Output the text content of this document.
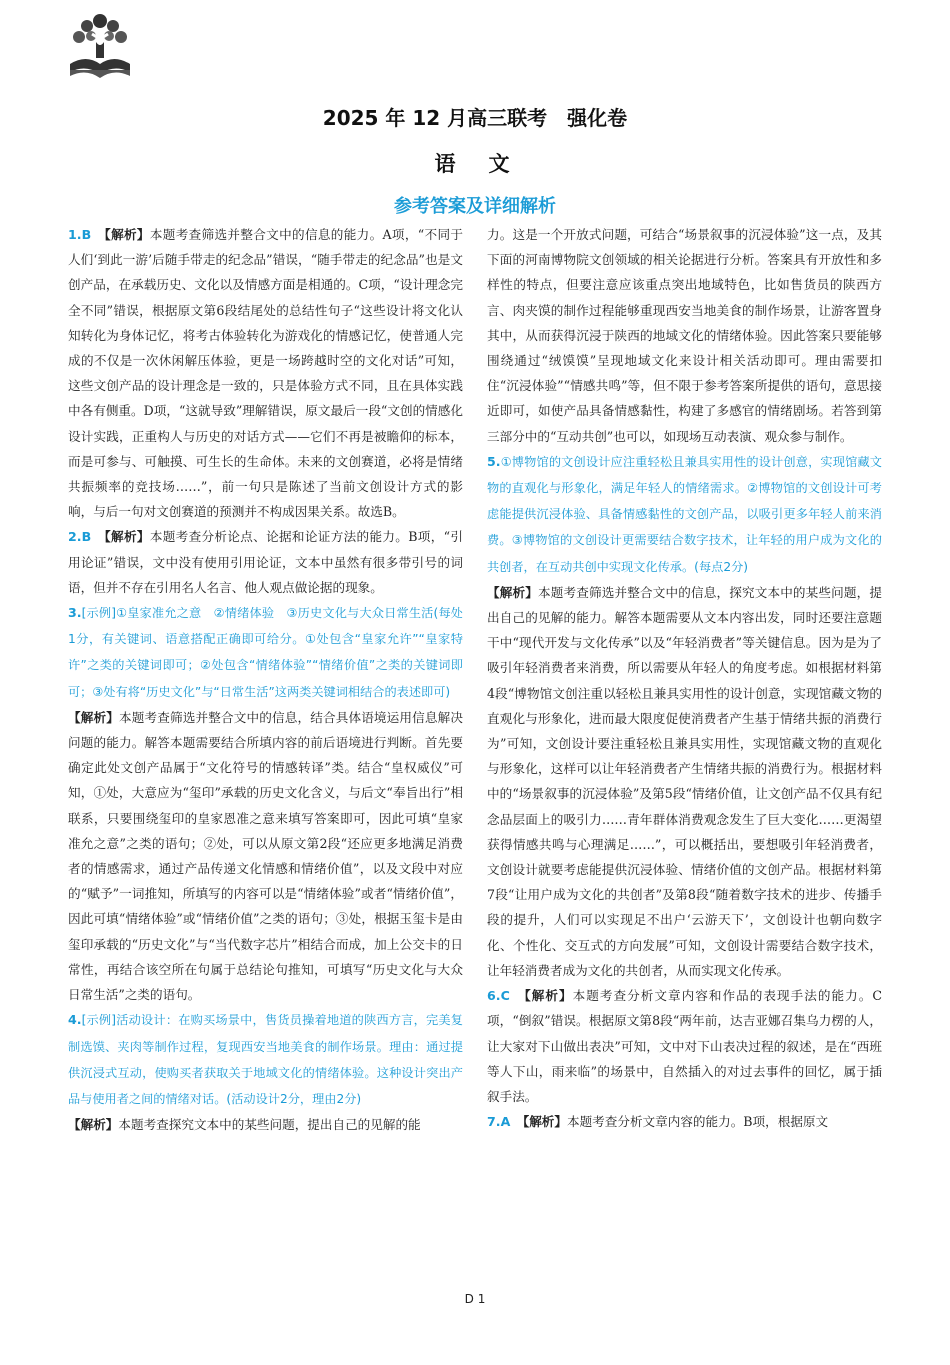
2025 年 12 月高三联考　强化卷
语　文
参考答案及详细解析

1.B　 【解析】本题考查筛选并整合文中的信息的能力。A项，“不同于人们‘到此一游’后随手带走的纪念品”错误，“随手带走的纪念品”也是文创产品，在承载历史、文化以及情感方面是相通的。C项，“设计理念完全不同”错误，根据原文第6段结尾处的总结性句子“这些设计将文化认知转化为身体记忆，将考古体验转化为游戏化的情感记忆，使普通人完成的不仅是一次休闲解压体验，更是一场跨越时空的文化对话”可知，这些文创产品的设计理念是一致的，只是体验方式不同，且在具体实践中各有侧重。D项，“这就导致”理解错误，原文最后一段“文创的情感化设计实践，正重构人与历史的对话方式——它们不再是被瞻仰的标本，而是可参与、可触摸、可生长的生命体。未来的文创赛道，必将是情绪共振频率的竞技场……”，前一句只是陈述了当前文创设计方式的影响，与后一句对文创赛道的预测并不构成因果关系。故选B。

2.B　 【解析】本题考查分析论点、论据和论证方法的能力。B项，“引用论证”错误，文中没有使用引用论证，文本中虽然有很多带引号的词语，但并不存在引用名人名言、他人观点做论据的现象。

3.[示例]①皇家准允之意　②情绪体验　③历史文化与大众日常生活(每处1分，有关键词、语意搭配正确即可给分。①处包含“皇家允许”“皇家特许”之类的关键词即可；②处包含“情绪体验”“情绪价值”之类的关键词即可；③处有将“历史文化”与“日常生活”这两类关键词相结合的表述即可)

【解析】本题考查筛选并整合文中的信息，结合具体语境运用信息解决问题的能力。解答本题需要结合所填内容的前后语境进行判断。首先要确定此处文创产品属于“文化符号的情感转译”类。结合“皇权威仪”可知，①处，大意应为“玺印”承载的历史文化含义，与后文“奉旨出行”相联系，只要围绕玺印的皇家恩准之意来填写答案即可，因此可填“皇家准允之意”之类的语句；②处，可以从原文第2段“还应更多地满足消费者的情感需求，通过产品传递文化情感和情绪价值”，以及文段中对应的“赋予”一词推知，所填写的内容可以是“情绪体验”或者“情绪价值”，因此可填“情绪体验”或“情绪价值”之类的语句；③处，根据玉玺卡是由玺印承载的“历史文化”与“当代数字芯片”相结合而成，加上公交卡的日常性，再结合该空所在句属于总结论句推知，可填写“历史文化与大众日常生活”之类的语句。

4.[示例]活动设计：在购买场景中，售货员操着地道的陕西方言，完美复制选馍、夹肉等制作过程，复现西安当地美食的制作场景。理由：通过提供沉浸式互动，使购买者获取关于地域文化的情绪体验。这种设计突出产品与使用者之间的情绪对话。(活动设计2分，理由2分)

【解析】本题考查探究文本中的某些问题，提出自己的见解的能

力。这是一个开放式问题，可结合“场景叙事的沉浸体验”这一点，及其下面的河南博物院文创领域的相关论据进行分析。答案具有开放性和多样性的特点，但要注意应该重点突出地域特色，比如售货员的陕西方言、肉夹馍的制作过程能够重现西安当地美食的制作场景，让游客置身其中，从而获得沉浸于陕西的地域文化的情绪体验。因此答案只要能够围绕通过“绒馍馍”呈现地域文化来设计相关活动即可。理由需要扣住“沉浸体验”“情感共鸣”等，但不限于参考答案所提供的语句，意思接近即可，如使产品具备情感黏性，构建了多感官的情绪剧场。若答到第三部分中的“互动共创”也可以，如现场互动表演、观众参与制作。

5.①博物馆的文创设计应注重轻松且兼具实用性的设计创意，实现馆藏文物的直观化与形象化，满足年轻人的情绪需求。②博物馆的文创设计可考虑能提供沉浸体验、具备情感黏性的文创产品，以吸引更多年轻人前来消费。③博物馆的文创设计更需要结合数字技术，让年轻的用户成为文化的共创者，在互动共创中实现文化传承。(每点2分)

【解析】本题考查筛选并整合文中的信息，探究文本中的某些问题，提出自己的见解的能力。解答本题需要从文本内容出发，同时还要注意题干中“现代开发与文化传承”以及“年轻消费者”等关键信息。因为是为了吸引年轻消费者来消费，所以需要从年轻人的角度考虑。如根据材料第4段“博物馆文创注重以轻松且兼具实用性的设计创意，实现馆藏文物的直观化与形象化，进而最大限度促使消费者产生基于情绪共振的消费行为”可知，文创设计要注重轻松且兼具实用性，实现馆藏文物的直观化与形象化，这样可以让年轻消费者产生情绪共振的消费行为。根据材料中的“场景叙事的沉浸体验”及第5段“情绪价值，让文创产品不仅具有纪念品层面上的吸引力……青年群体消费观念发生了巨大变化……更渴望获得情感共鸣与心理满足……”，可以概括出，要想吸引年轻消费者，文创设计就要考虑能提供沉浸体验、情绪价值的文创产品。根据材料第7段“让用户成为文化的共创者”及第8段“随着数字技术的进步、传播手段的提升，人们可以实现足不出户‘云游天下’，文创设计也朝向数字化、个性化、交互式的方向发展”可知，文创设计需要结合数字技术，让年轻消费者成为文化的共创者，从而实现文化传承。

6.C　 【解析】本题考查分析文章内容和作品的表现手法的能力。C项，“倒叙”错误。根据原文第8段“两年前，达吉亚娜召集乌力楞的人，让大家对下山做出表决”可知，文中对下山表决过程的叙述，是在“西班等人下山，雨来临”的场景中，自然插入的对过去事件的回忆，属于插叙手法。

7.A　 【解析】本题考查分析文章内容的能力。B项，根据原文

D 1
